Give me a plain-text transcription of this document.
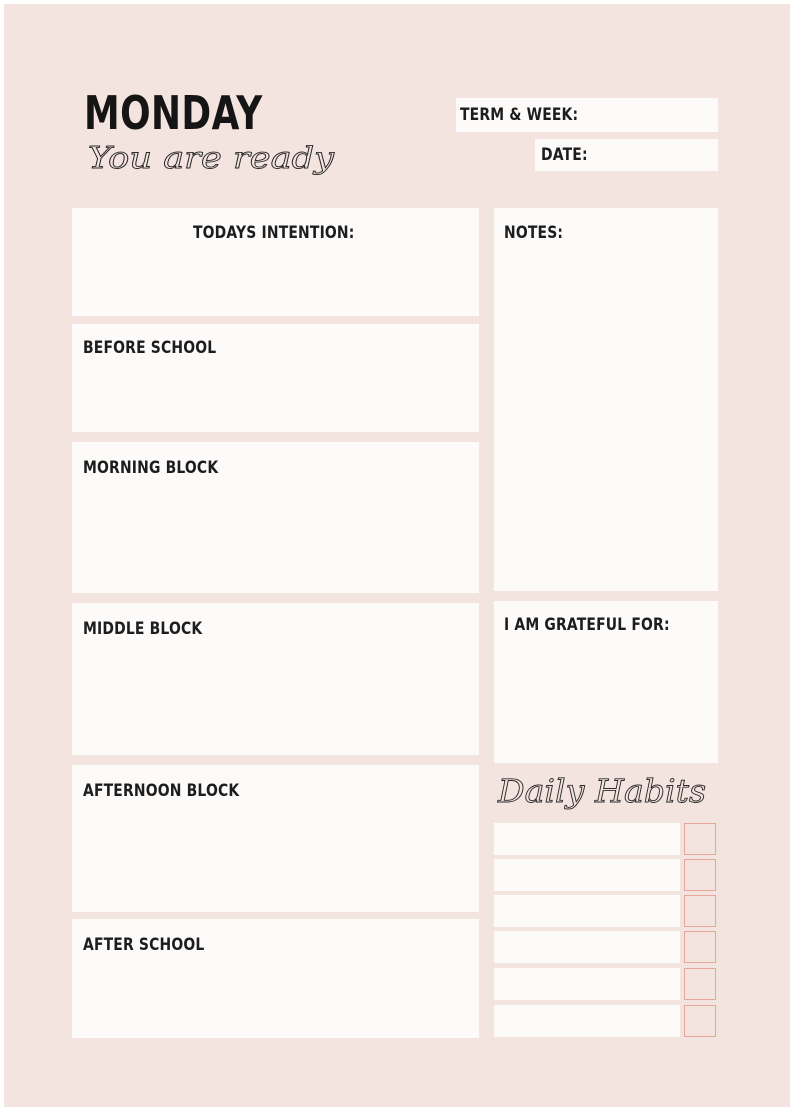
MONDAY
You are ready
TERM & WEEK:
DATE:
TODAYS INTENTION:
BEFORE SCHOOL
MORNING BLOCK
MIDDLE BLOCK
AFTERNOON BLOCK
AFTER SCHOOL
NOTES:
I AM GRATEFUL FOR:
Daily Habits
